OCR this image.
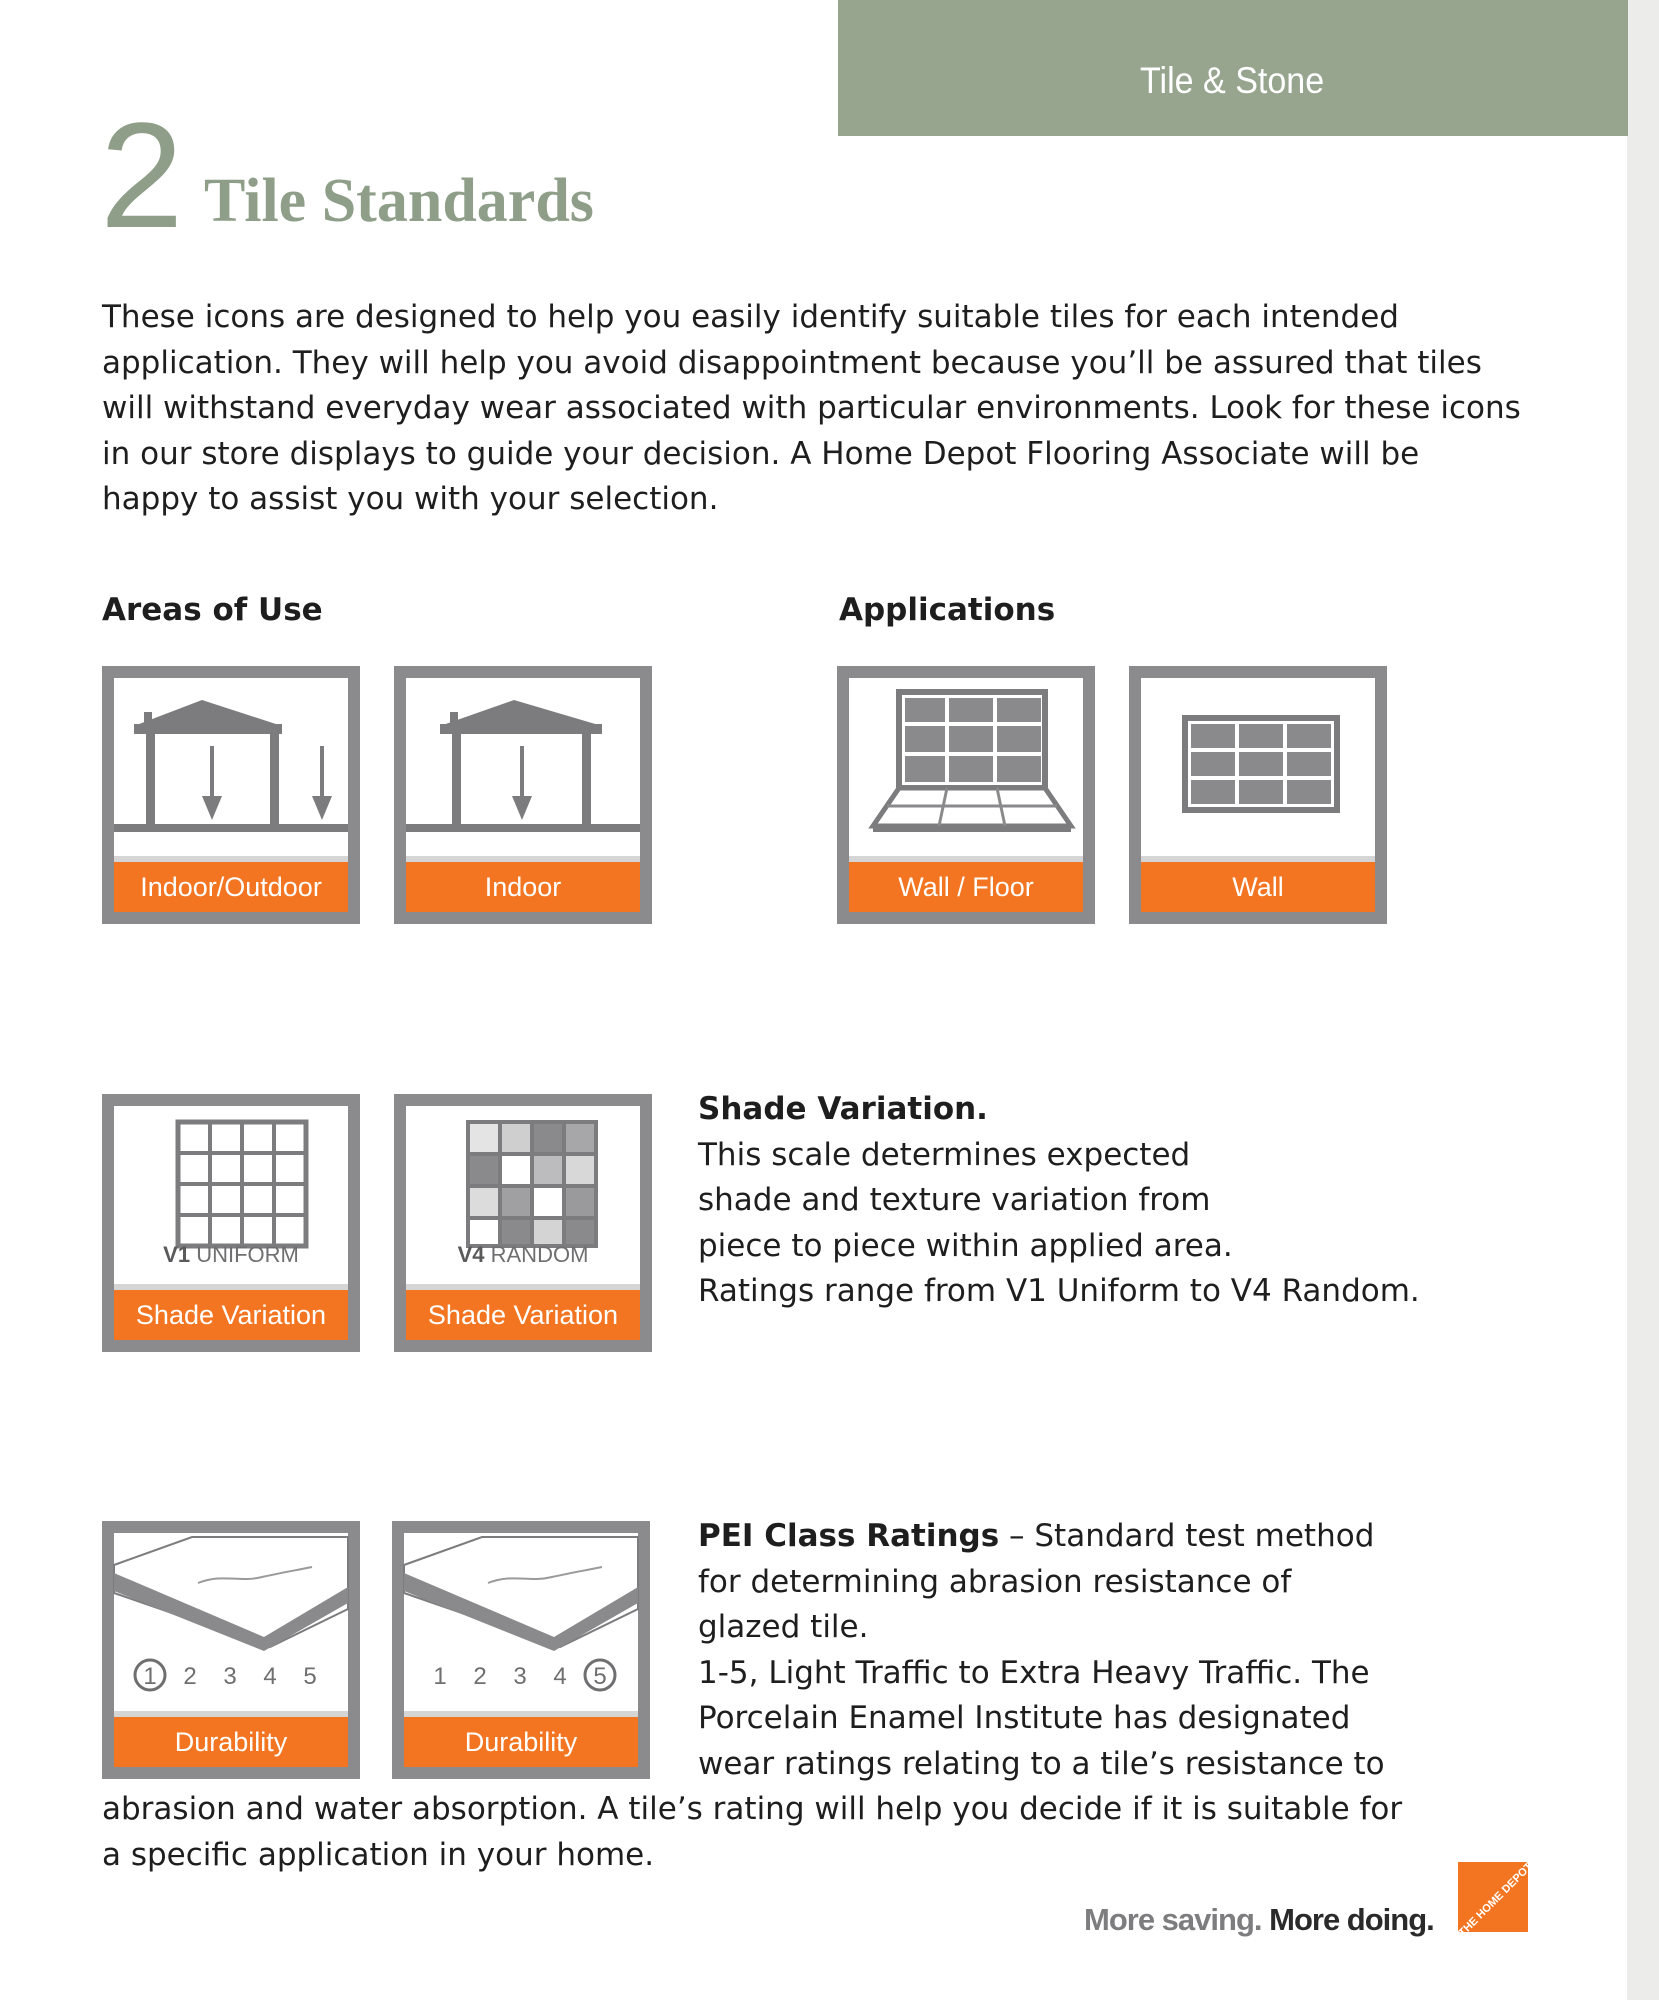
Tile & Stone
2 Tile Standards

These icons are designed to help you easily identify suitable tiles for each intended application. They will help you avoid disappointment because you’ll be assured that tiles will withstand everyday wear associated with particular environments. Look for these icons in our store displays to guide your decision. A Home Depot Flooring Associate will be happy to assist you with your selection.

Areas of Use	Applications
Indoor/Outdoor	Indoor	Wall / Floor	Wall
V1 UNIFORM
Shade Variation
V4 RANDOM
Shade Variation

Shade Variation.

This scale determines expected

shade and texture variation from

piece to piece within applied area.

Ratings range from V1 Uniform to V4 Random.

1 2 3 4 5
Durability
1 2 3 4 5
Durability

PEI Class Ratings – Standard test method

for determining abrasion resistance of

glazed tile.

1-5, Light Traffic to Extra Heavy Traffic. The

Porcelain Enamel Institute has designated

wear ratings relating to a tile’s resistance to

abrasion and water absorption. A tile’s rating will help you decide if it is suitable for

a specific application in your home.

More saving. More doing. THE HOME DEPOT
